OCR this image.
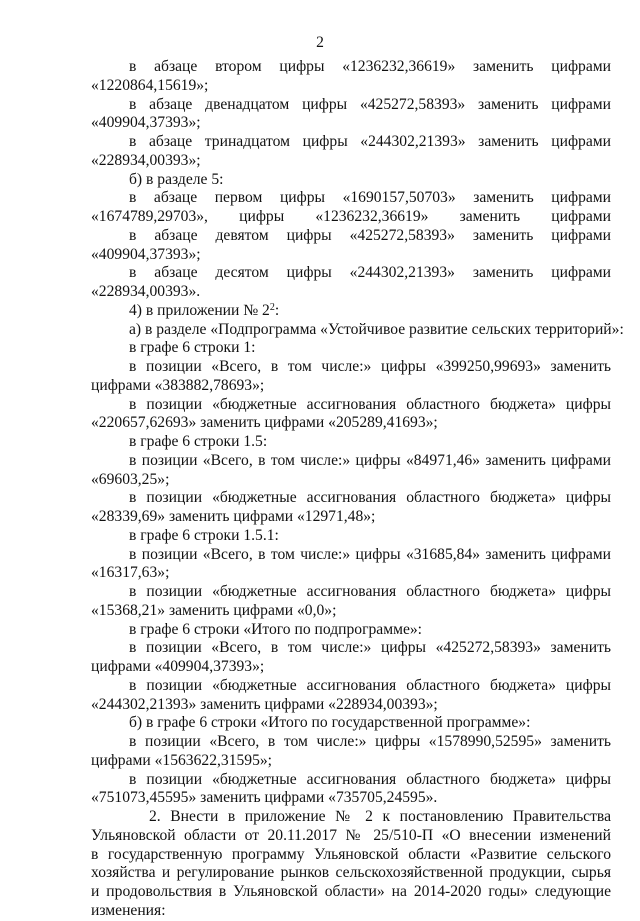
2
в абзаце втором цифры «1236232,36619» заменить цифрами
«1220864,15619»;
в абзаце двенадцатом цифры «425272,58393» заменить цифрами
«409904,37393»;
в абзаце тринадцатом цифры «244302,21393» заменить цифрами
«228934,00393»;
б) в разделе 5:
в абзаце первом цифры «1690157,50703» заменить цифрами
«1674789,29703», цифры «1236232,36619» заменить цифрами
в абзаце девятом цифры «425272,58393» заменить цифрами
«409904,37393»;
в абзаце десятом цифры «244302,21393» заменить цифрами
«228934,00393».
4) в приложении № $2^2$:
а) в разделе «Подпрограмма «Устойчивое развитие сельских территорий»:
в графе 6 строки 1:
в позиции «Всего, в том числе:» цифры «399250,99693» заменить
цифрами «383882,78693»;
в позиции «бюджетные ассигнования областного бюджета» цифры
«220657,62693» заменить цифрами «205289,41693»;
в графе 6 строки 1.5:
в позиции «Всего, в том числе:» цифры «84971,46» заменить цифрами
«69603,25»;
в позиции «бюджетные ассигнования областного бюджета» цифры
«28339,69» заменить цифрами «12971,48»;
в графе 6 строки 1.5.1:
в позиции «Всего, в том числе:» цифры «31685,84» заменить цифрами
«16317,63»;
в позиции «бюджетные ассигнования областного бюджета» цифры
«15368,21» заменить цифрами «0,0»;
в графе 6 строки «Итого по подпрограмме»:
в позиции «Всего, в том числе:» цифры «425272,58393» заменить
цифрами «409904,37393»;
в позиции «бюджетные ассигнования областного бюджета» цифры
«244302,21393» заменить цифрами «228934,00393»;
б) в графе 6 строки «Итого по государственной программе»:
в позиции «Всего, в том числе:» цифры «1578990,52595» заменить
цифрами «1563622,31595»;
в позиции «бюджетные ассигнования областного бюджета» цифры
«751073,45595» заменить цифрами «735705,24595».
2. Внести в приложение № 2 к постановлению Правительства
Ульяновской области от 20.11.2017 № 25/510-П «О внесении изменений
в государственную программу Ульяновской области «Развитие сельского
хозяйства и регулирование рынков сельскохозяйственной продукции, сырья
и продовольствия в Ульяновской области» на 2014-2020 годы» следующие
изменения:
